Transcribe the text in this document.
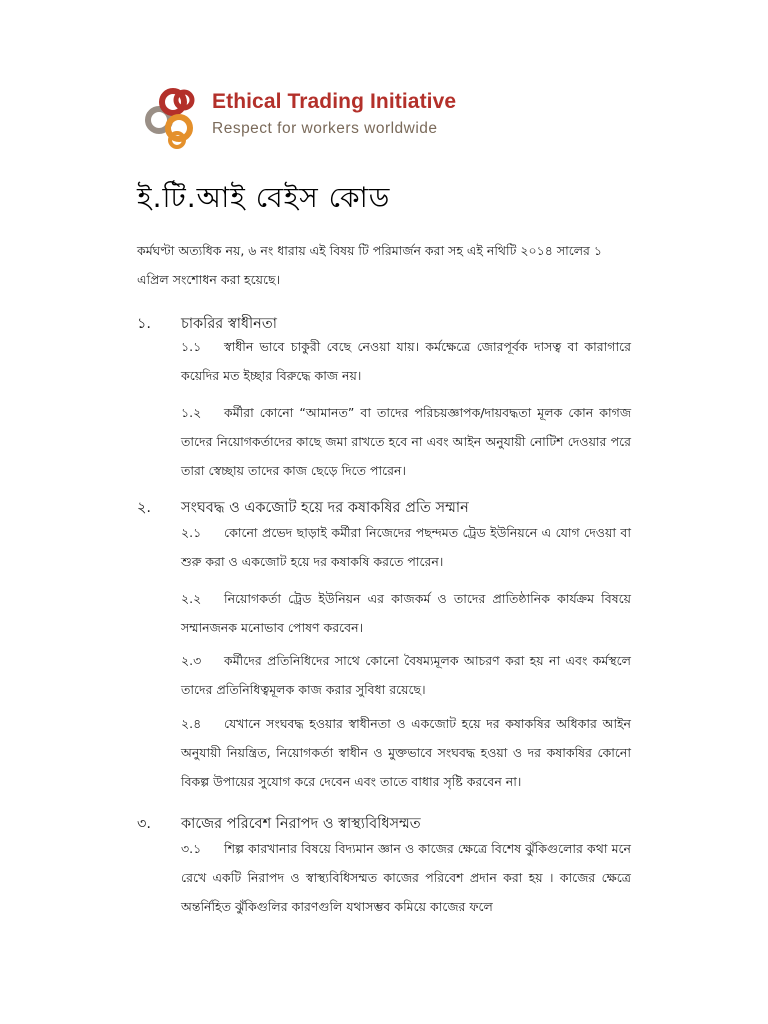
Ethical Trading Initiative
Respect for workers worldwide
ই.টি.আই বেইস কোড
কর্মঘণ্টা অত্যধিক নয়, ৬ নং ধারায় এই বিষয় টি পরিমার্জন করা সহ এই নথিটি ২০১৪ সালের ১ এপ্রিল সংশোধন করা হয়েছে।
১.	চাকরির স্বাধীনতা
১.১ স্বাধীন ভাবে চাকুরী বেছে নেওয়া যায়। কর্মক্ষেত্রে জোরপূর্বক দাসত্ব বা কারাগারে কয়েদির মত ইচ্ছার বিরুদ্ধে কাজ নয়।
১.২ কর্মীরা কোনো “আমানত” বা তাদের পরিচয়জ্ঞাপক/দায়বদ্ধতা মূলক কোন কাগজ তাদের নিয়োগকর্তাদের কাছে জমা রাখতে হবে না এবং আইন অনুযায়ী নোটিশ দেওয়ার পরে তারা স্বেচ্ছায় তাদের কাজ ছেড়ে দিতে পারেন।
২.	সংঘবদ্ধ ও একজোট হয়ে দর কষাকষির প্রতি সম্মান
২.১ কোনো প্রভেদ ছাড়াই কর্মীরা নিজেদের পছন্দমত ট্রেড ইউনিয়নে এ যোগ দেওয়া বা শুরু করা ও একজোট হয়ে দর কষাকষি করতে পারেন।
২.২ নিয়োগকর্তা ট্রেড ইউনিয়ন এর কাজকর্ম ও তাদের প্রাতিষ্ঠানিক কার্যক্রম বিষয়ে সম্মানজনক মনোভাব পোষণ করবেন।
২.৩ কর্মীদের প্রতিনিধিদের সাথে কোনো বৈষম্যমূলক আচরণ করা হয় না এবং কর্মস্থলে তাদের প্রতিনিধিত্বমূলক কাজ করার সুবিধা রয়েছে।
২.৪ যেখানে সংঘবদ্ধ হওয়ার স্বাধীনতা ও একজোট হয়ে দর কষাকষির অধিকার আইন অনুযায়ী নিয়ন্ত্রিত, নিয়োগকর্তা স্বাধীন ও মুক্তভাবে সংঘবদ্ধ হওয়া ও দর কষাকষির কোনো বিকল্প উপায়ের সুযোগ করে দেবেন এবং তাতে বাধার সৃষ্টি করবেন না।
৩.	কাজের পরিবেশ নিরাপদ ও স্বাস্থ্যবিধিসম্মত
৩.১ শিল্প কারখানার বিষয়ে বিদ্যমান জ্ঞান ও কাজের ক্ষেত্রে বিশেষ ঝুঁকিগুলোর কথা মনে রেখে একটি নিরাপদ ও স্বাস্থ্যবিধিসম্মত কাজের পরিবেশ প্রদান করা হয় । কাজের ক্ষেত্রে অন্তর্নিহিত ঝুঁকিগুলির কারণগুলি যথাসম্ভব কমিয়ে কাজের ফলে
